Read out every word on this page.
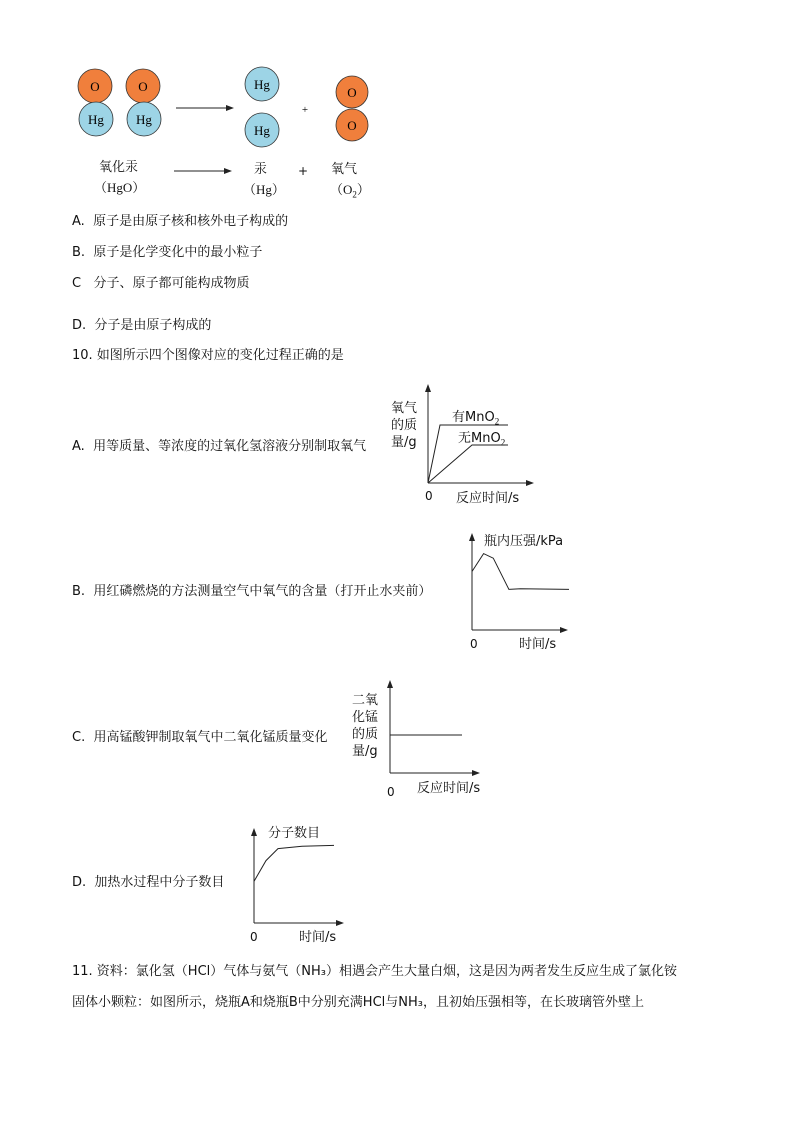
O
Hg
O
Hg
Hg
Hg
+
O
O
氧化汞
（HgO）
汞
（Hg）
+ 氧气
$(O_2)$
A. 原子是由原子核和核外电子构成的
B. 原子是化学变化中的最小粒子
C 分子、原子都可能构成物质
D. 分子是由原子构成的
10. 如图所示四个图像对应的变化过程正确的是
A. 用等质量、等浓度的过氧化氢溶液分别制取氧气
氧气
的质
量/g
有MnO$_2$
无MnO$_2$
0 反应时间/s
B. 用红磷燃烧的方法测量空气中氧气的含量（打开止水夹前）
瓶内压强/kPa
0	时间/s
C. 用高锰酸钾制取氧气中二氧化锰质量变化
二氧
化锰
的质
量/g
0 反应时间/s
D. 加热水过程中分子数目
分子数目
0	时间/s
11. 资料：氯化氢（HCl）气体与氨气（NH₃）相遇会产生大量白烟，这是因为两者发生反应生成了氯化铵
固体小颗粒：如图所示，烧瓶A和烧瓶B中分别充满HCl与NH₃，且初始压强相等，在长玻璃管外壁上
